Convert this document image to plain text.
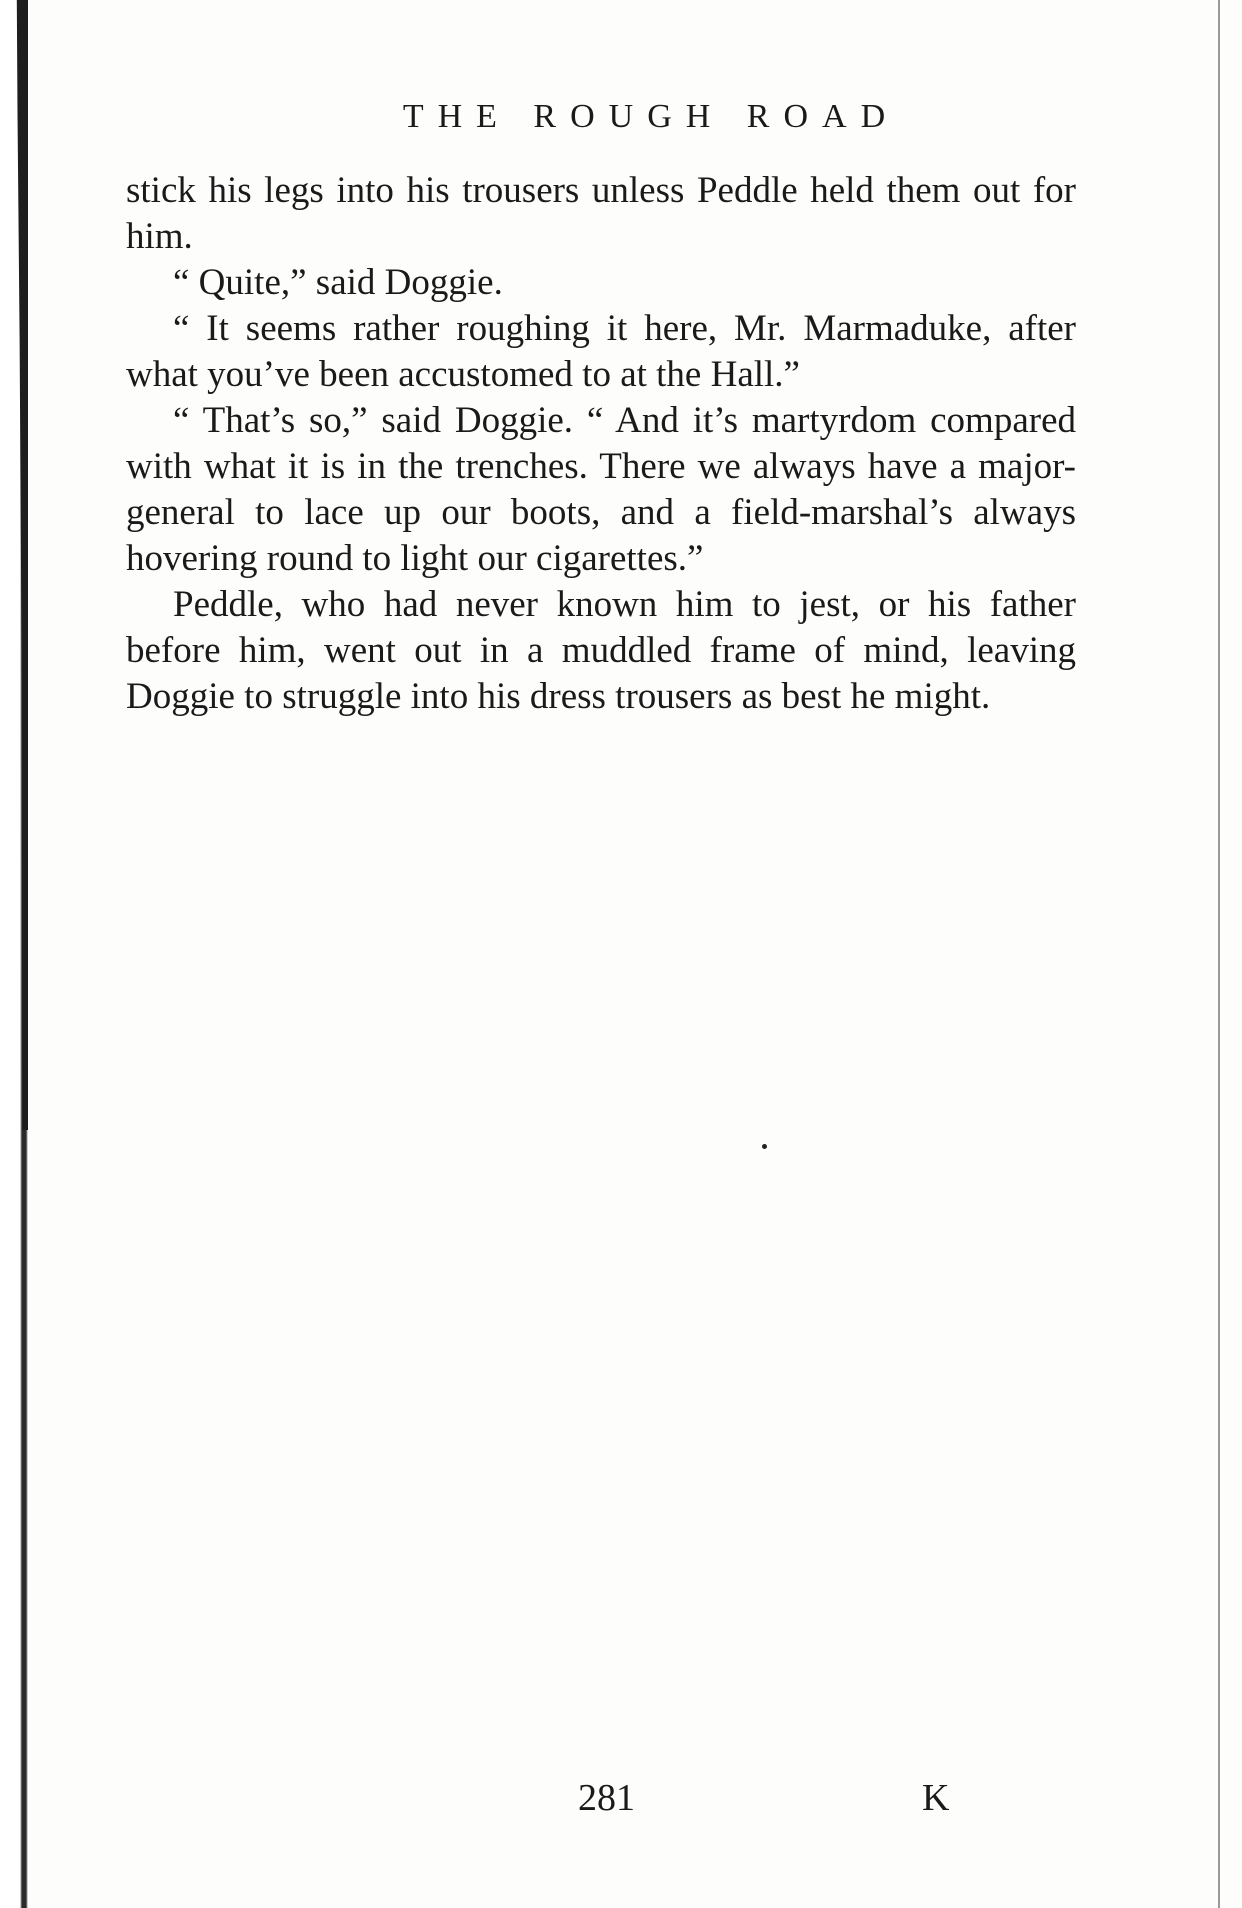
THE ROUGH ROAD

stick his legs into his trousers unless Peddle held them out for him.

“ Quite,” said Doggie.

“ It seems rather roughing it here, Mr. Marmaduke, after what you’ve been accustomed to at the Hall.”

“ That’s so,” said Doggie. “ And it’s martyrdom compared with what it is in the trenches. There we always have a major-general to lace up our boots, and a field-marshal’s always hovering round to light our cigarettes.”

Peddle, who had never known him to jest, or his father before him, went out in a muddled frame of mind, leaving Doggie to struggle into his dress trousers as best he might.

281	K
